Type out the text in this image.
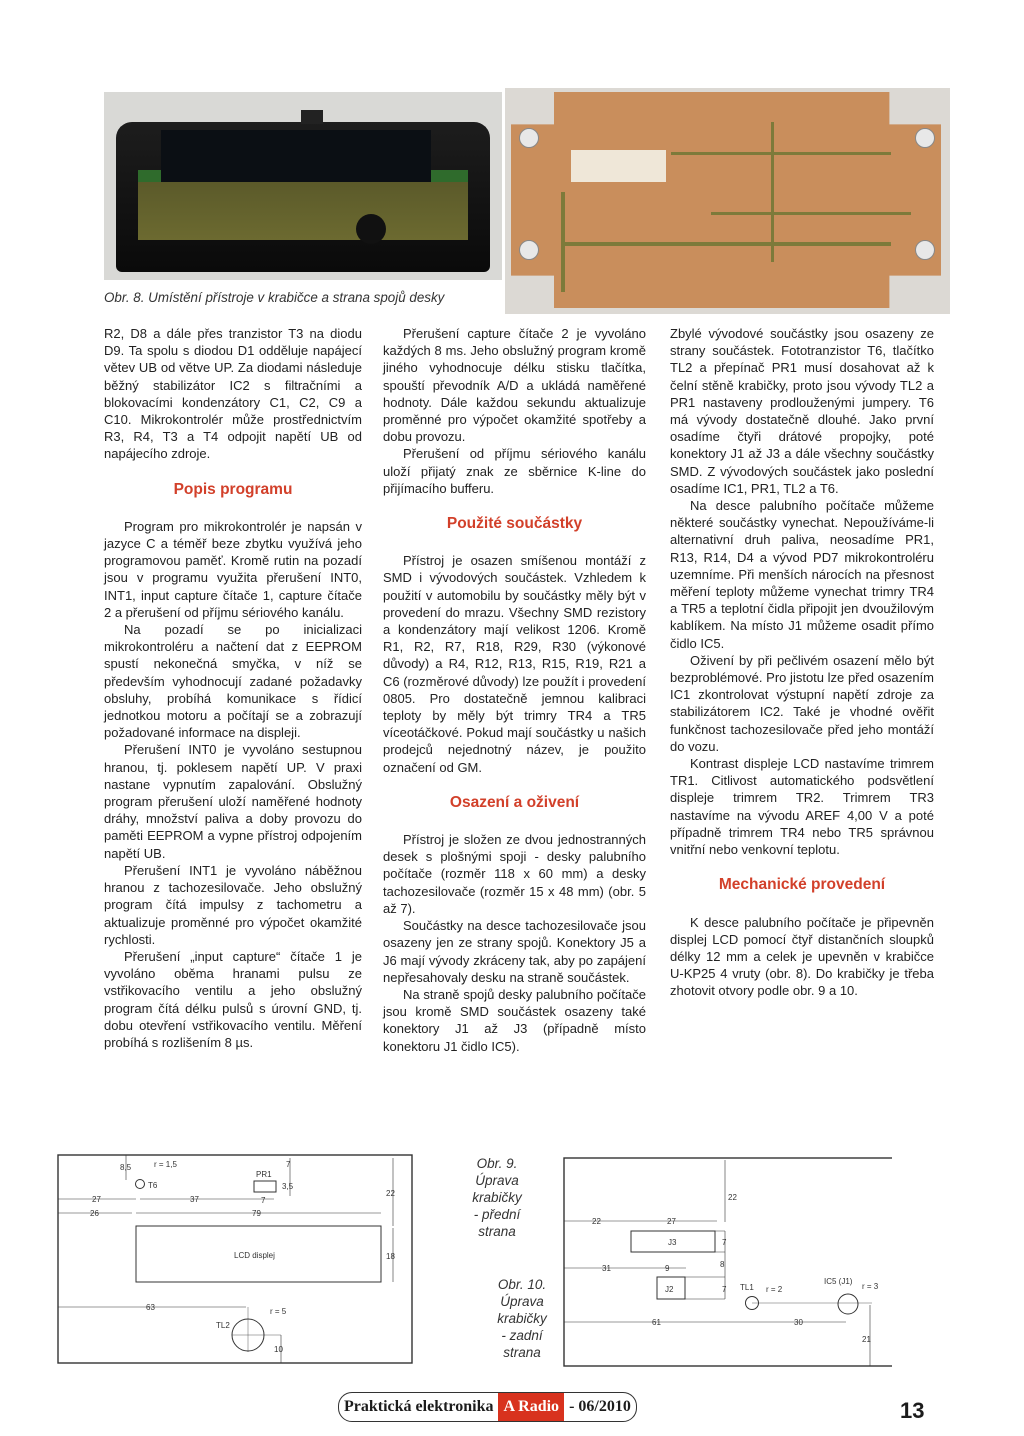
Obr. 8. Umístění přístroje v krabičce a strana spojů desky

R2, D8 a dále přes tranzistor T3 na diodu D9. Ta spolu s diodou D1 odděluje napájecí větev UB od větve UP. Za diodami následuje běžný stabilizátor IC2 s filtračními a blokovacími kondenzátory C1, C2, C9 a C10. Mikrokontrolér může prostřednictvím R3, R4, T3 a T4 odpojit napětí UB od napájecího zdroje.

Popis programu

Program pro mikrokontrolér je napsán v jazyce C a téměř beze zbytku využívá jeho programovou paměť. Kromě rutin na pozadí jsou v programu využita přerušení INT0, INT1, input capture čítače 1, capture čítače 2 a přerušení od příjmu sériového kanálu.

Na pozadí se po inicializaci mikrokontroléru a načtení dat z EEPROM spustí nekonečná smyčka, v níž se především vyhodnocují zadané požadavky obsluhy, probíhá komunikace s řídicí jednotkou motoru a počítají se a zobrazují požadované informace na displeji.

Přerušení INT0 je vyvoláno sestupnou hranou, tj. poklesem napětí UP. V praxi nastane vypnutím zapalování. Obslužný program přerušení uloží naměřené hodnoty dráhy, množství paliva a doby provozu do paměti EEPROM a vypne přístroj odpojením napětí UB.

Přerušení INT1 je vyvoláno náběžnou hranou z tachozesilovače. Jeho obslužný program čítá impulsy z tachometru a aktualizuje proměnné pro výpočet okamžité rychlosti.

Přerušení „input capture“ čítače 1 je vyvoláno oběma hranami pulsu ze vstřikovacího ventilu a jeho obslužný program čítá délku pulsů s úrovní GND, tj. dobu otevření vstřikovacího ventilu. Měření probíhá s rozlišením 8 µs.

Přerušení capture čítače 2 je vyvoláno každých 8 ms. Jeho obslužný program kromě jiného vyhodnocuje délku stisku tlačítka, spouští převodník A/D a ukládá naměřené hodnoty. Dále každou sekundu aktualizuje proměnné pro výpočet okamžité spotřeby a dobu provozu.

Přerušení od příjmu sériového kanálu uloží přijatý znak ze sběrnice K-line do přijímacího bufferu.

Použité součástky

Přístroj je osazen smíšenou montáží z SMD i vývodových součástek. Vzhledem k použití v automobilu by součástky měly být v provedení do mrazu. Všechny SMD rezistory a kondenzátory mají velikost 1206. Kromě R1, R2, R7, R18, R29, R30 (výkonové důvody) a R4, R12, R13, R15, R19, R21 a C6 (rozměrové důvody) lze použít i provedení 0805. Pro dostatečně jemnou kalibraci teploty by měly být trimry TR4 a TR5 víceotáčkové. Pokud mají součástky u našich prodejců nejednotný název, je použito označení od GM.

Osazení a oživení

Přístroj je složen ze dvou jednostranných desek s plošnými spoji - desky palubního počítače (rozměr 118 x 60 mm) a desky tachozesilovače (rozměr 15 x 48 mm) (obr. 5 až 7).

Součástky na desce tachozesilovače jsou osazeny jen ze strany spojů. Konektory J5 a J6 mají vývody zkráceny tak, aby po zapájení nepřesahovaly desku na straně součástek.

Na straně spojů desky palubního počítače jsou kromě SMD součástek osazeny také konektory J1 až J3 (případně místo konektoru J1 čidlo IC5).

Zbylé vývodové součástky jsou osazeny ze strany součástek. Fototranzistor T6, tlačítko TL2 a přepínač PR1 musí dosahovat až k čelní stěně krabičky, proto jsou vývody TL2 a PR1 nastaveny prodlouženými jumpery. T6 má vývody dostatečně dlouhé. Jako první osadíme čtyři drátové propojky, poté konektory J1 až J3 a dále všechny součástky SMD. Z vývodových součástek jako poslední osadíme IC1, PR1, TL2 a T6.

Na desce palubního počítače můžeme některé součástky vynechat. Nepoužíváme-li alternativní druh paliva, neosadíme PR1, R13, R14, D4 a vývod PD7 mikrokontroléru uzemníme. Při menších nárocích na přesnost měření teploty můžeme vynechat trimry TR4 a TR5 a teplotní čidla připojit jen dvoužilovým kablíkem. Na místo J1 můžeme osadit přímo čidlo IC5.

Oživení by při pečlivém osazení mělo být bezproblémové. Pro jistotu lze před osazením IC1 zkontrolovat výstupní napětí zdroje za stabilizátorem IC2. Také je vhodné ověřit funkčnost tachozesilovače před jeho montáží do vozu.

Kontrast displeje LCD nastavíme trimrem TR1. Citlivost automatického podsvětlení displeje trimrem TR2. Trimrem TR3 nastavíme na vývodu AREF 4,00 V a poté případně trimrem TR4 nebo TR5 správnou vnitřní nebo venkovní teplotu.

Mechanické provedení

K desce palubního počítače je připevněn displej LCD pomocí čtyř distančních sloupků délky 12 mm a celek je upevněn v krabičce U-KP25 4 vruty (obr. 8). Do krabičky je třeba zhotovit otvory podle obr. 9 a 10.

8,5	r = 1,5
T6
PR1
7
3,5
27	37	7
26	79
22
LCD displej	18
63
TL2
r = 5
10
Obr. 9.
Úprava
krabičky
- přední
strana
Obr. 10.
Úprava
krabičky
- zadní
strana
22
22	27
J3	7
8
31	9
J2	7 TL1 r = 2
IC5 (J1)
r = 3
61	30
21
Praktická elektronika A Radio - 06/2010	13
